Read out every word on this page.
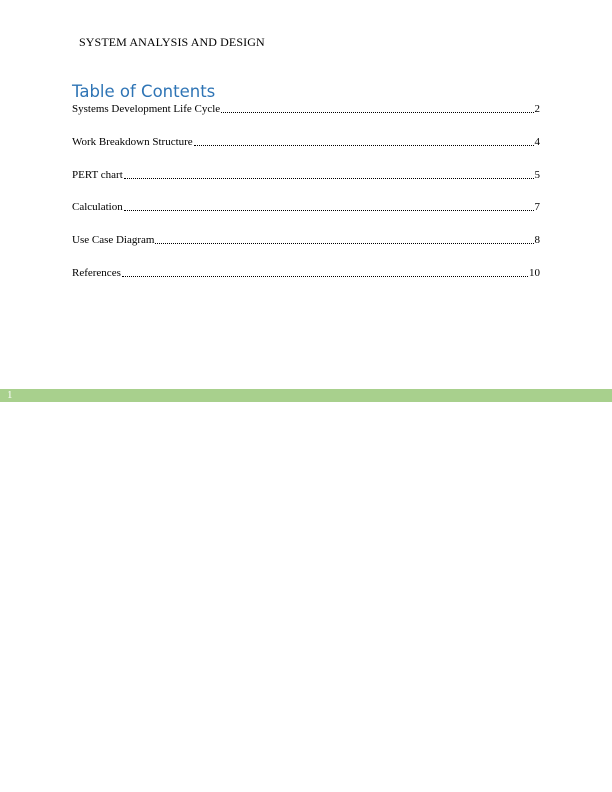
SYSTEM ANALYSIS AND DESIGN
Table of Contents
Systems Development Life Cycle	2
Work Breakdown Structure	4
PERT chart	5
Calculation	7
Use Case Diagram	8
References	10
1
